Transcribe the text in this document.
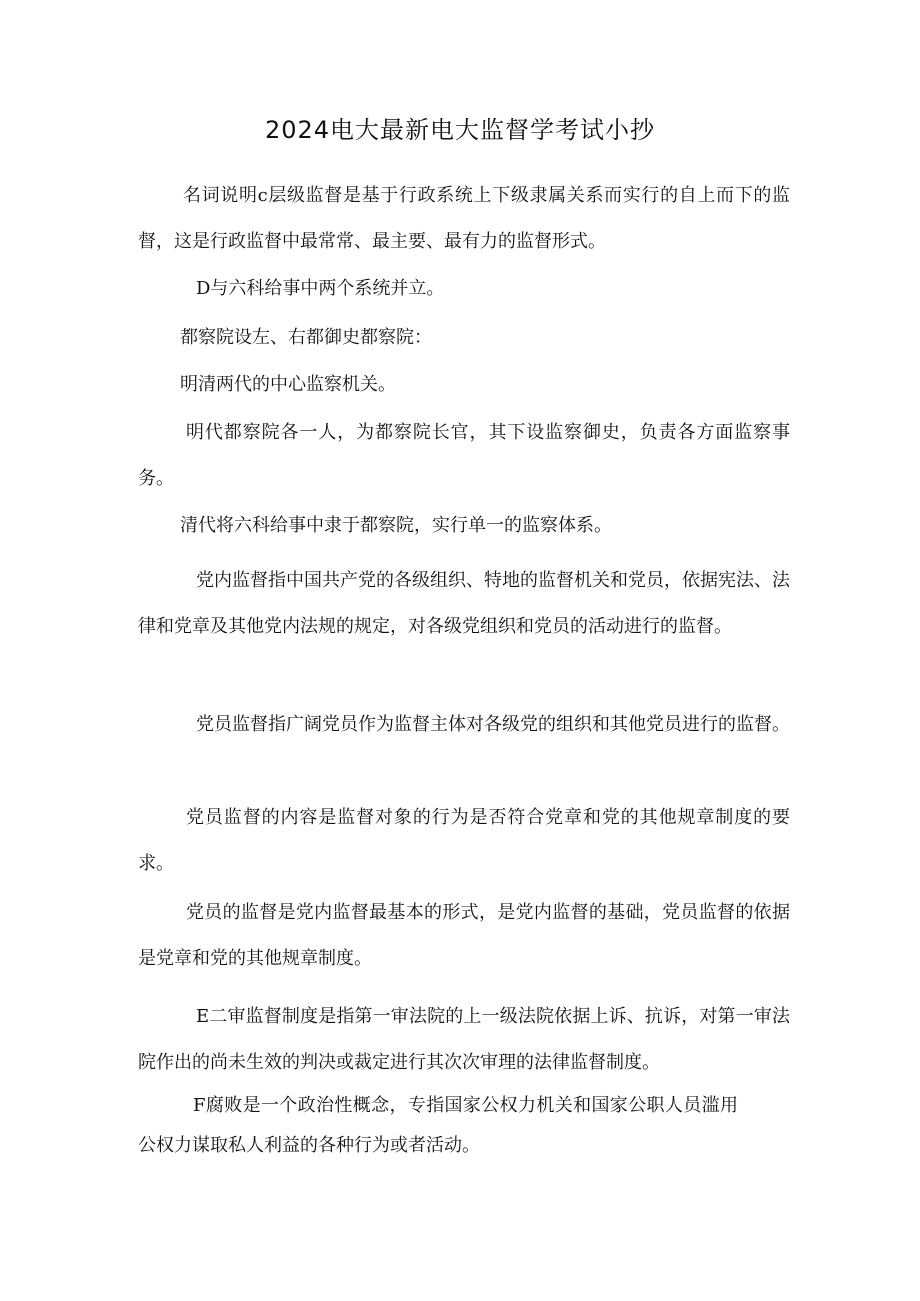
2024电大最新电大监督学考试小抄

名词说明c层级监督是基于行政系统上下级隶属关系而实行的自上而下的监督，这是行政监督中最常常、最主要、最有力的监督形式。

D与六科给事中两个系统并立。

都察院设左、右都御史都察院：

明清两代的中心监察机关。

明代都察院各一人，为都察院长官，其下设监察御史，负责各方面监察事务。

清代将六科给事中隶于都察院，实行单一的监察体系。

党内监督指中国共产党的各级组织、特地的监督机关和党员，依据宪法、法律和党章及其他党内法规的规定，对各级党组织和党员的活动进行的监督。

党员监督指广阔党员作为监督主体对各级党的组织和其他党员进行的监督。

党员监督的内容是监督对象的行为是否符合党章和党的其他规章制度的要求。

党员的监督是党内监督最基本的形式，是党内监督的基础，党员监督的依据是党章和党的其他规章制度。

E二审监督制度是指第一审法院的上一级法院依据上诉、抗诉，对第一审法院作出的尚未生效的判决或裁定进行其次次审理的法律监督制度。

F腐败是一个政治性概念，专指国家公权力机关和国家公职人员滥用公权力谋取私人利益的各种行为或者活动。
